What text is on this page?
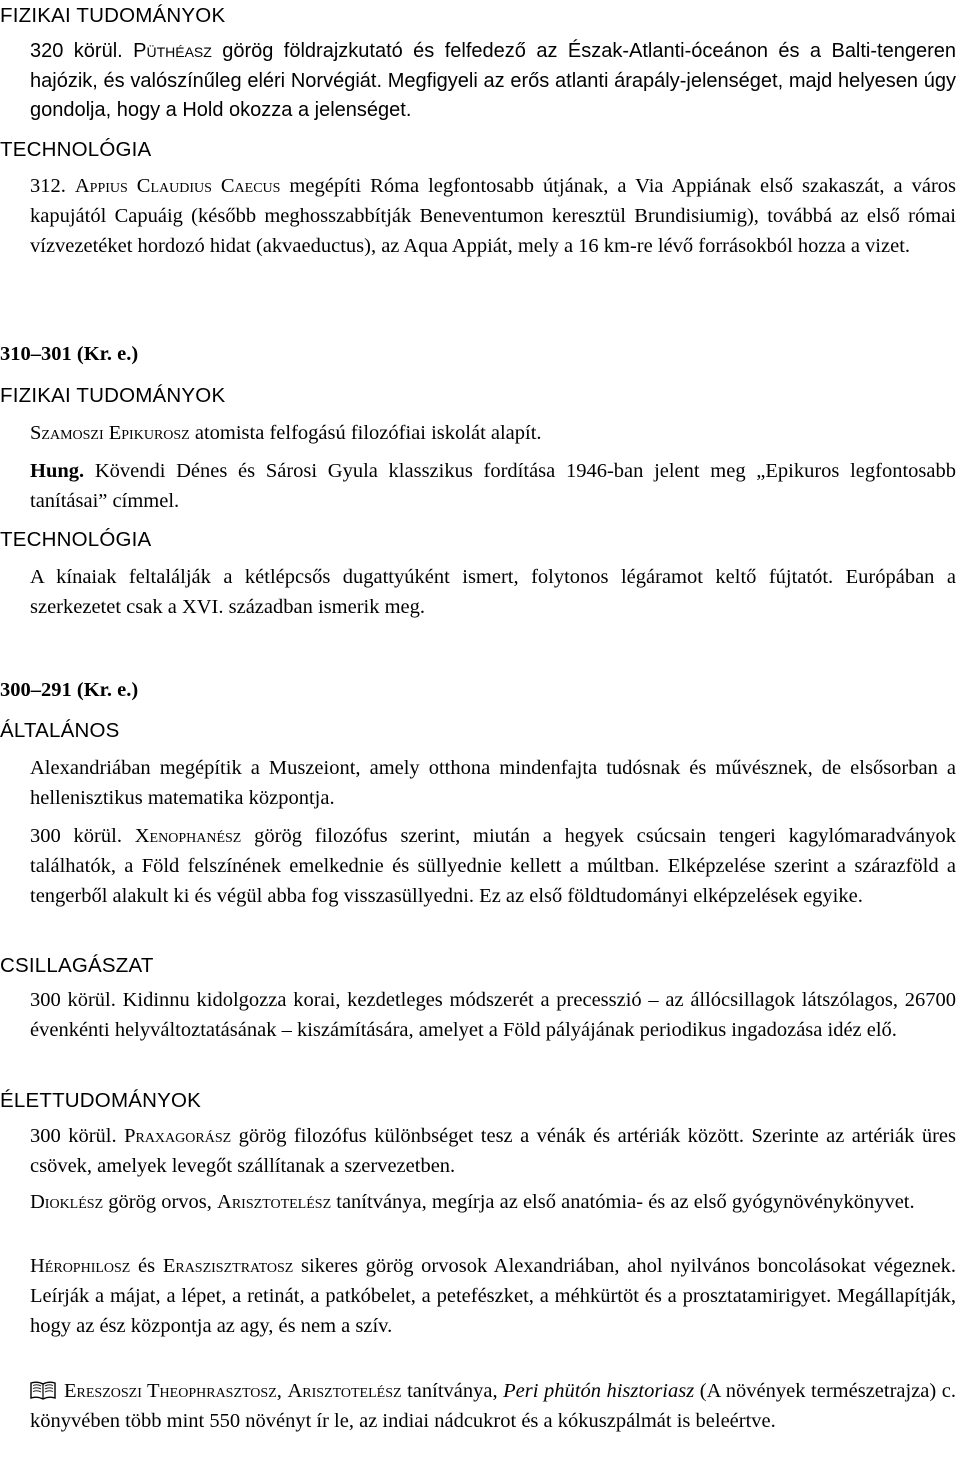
FIZIKAI TUDOMÁNYOK
320 körül. Püthéasz görög földrajzkutató és felfedező az Észak-Atlanti-óceánon és a Balti-tengeren hajózik, és valószínűleg eléri Norvégiát. Megfigyeli az erős atlanti árapály-jelenséget, majd helyesen úgy gondolja, hogy a Hold okozza a jelenséget.
TECHNOLÓGIA
312. Appius Claudius Caecus megépíti Róma legfontosabb útjának, a Via Appiának első szakaszát, a város kapujától Capuáig (később meghosszabbítják Beneventumon keresztül Brundisiumig), továbbá az első római vízvezetéket hordozó hidat (akvaeductus), az Aqua Appiát, mely a 16 km-re lévő forrásokból hozza a vizet.
310–301 (Kr. e.)
FIZIKAI TUDOMÁNYOK
Szamoszi Epikurosz atomista felfogású filozófiai iskolát alapít.
Hung. Kövendi Dénes és Sárosi Gyula klasszikus fordítása 1946-ban jelent meg „Epikuros legfontosabb tanításai” címmel.
TECHNOLÓGIA
A kínaiak feltalálják a kétlépcsős dugattyúként ismert, folytonos légáramot keltő fújtatót. Európában a szerkezetet csak a XVI. században ismerik meg.
300–291 (Kr. e.)
ÁLTALÁNOS
Alexandriában megépítik a Muszeiont, amely otthona mindenfajta tudósnak és művésznek, de elsősorban a hellenisztikus matematika központja.
300 körül. Xenophanész görög filozófus szerint, miután a hegyek csúcsain tengeri kagylómaradványok találhatók, a Föld felszínének emelkednie és süllyednie kellett a múltban. Elképzelése szerint a szárazföld a tengerből alakult ki és végül abba fog visszasüllyedni. Ez az első földtudományi elképzelések egyike.
CSILLAGÁSZAT
300 körül. Kidinnu kidolgozza korai, kezdetleges módszerét a precesszió – az állócsillagok látszólagos, 26700 évenkénti helyváltoztatásának – kiszámítására, amelyet a Föld pályájának periodikus ingadozása idéz elő.
ÉLETTUDOMÁNYOK
300 körül. Praxagorász görög filozófus különbséget tesz a vénák és artériák között. Szerinte az artériák üres csövek, amelyek levegőt szállítanak a szervezetben.
Dioklész görög orvos, Arisztotelész tanítványa, megírja az első anatómia- és az első gyógynövénykönyvet.
Hérophilosz és Eraszisztratosz sikeres görög orvosok Alexandriában, ahol nyilvános boncolásokat végeznek. Leírják a májat, a lépet, a retinát, a patkóbelet, a petefészket, a méhkürtöt és a prosztatamirigyet. Megállapítják, hogy az ész központja az agy, és nem a szív.
Ereszoszi Theophrasztosz, Arisztotelész tanítványa, Peri phütón hisztoriasz (A növények természetrajza) c. könyvében több mint 550 növényt ír le, az indiai nádcukrot és a kókuszpálmát is beleértve.
